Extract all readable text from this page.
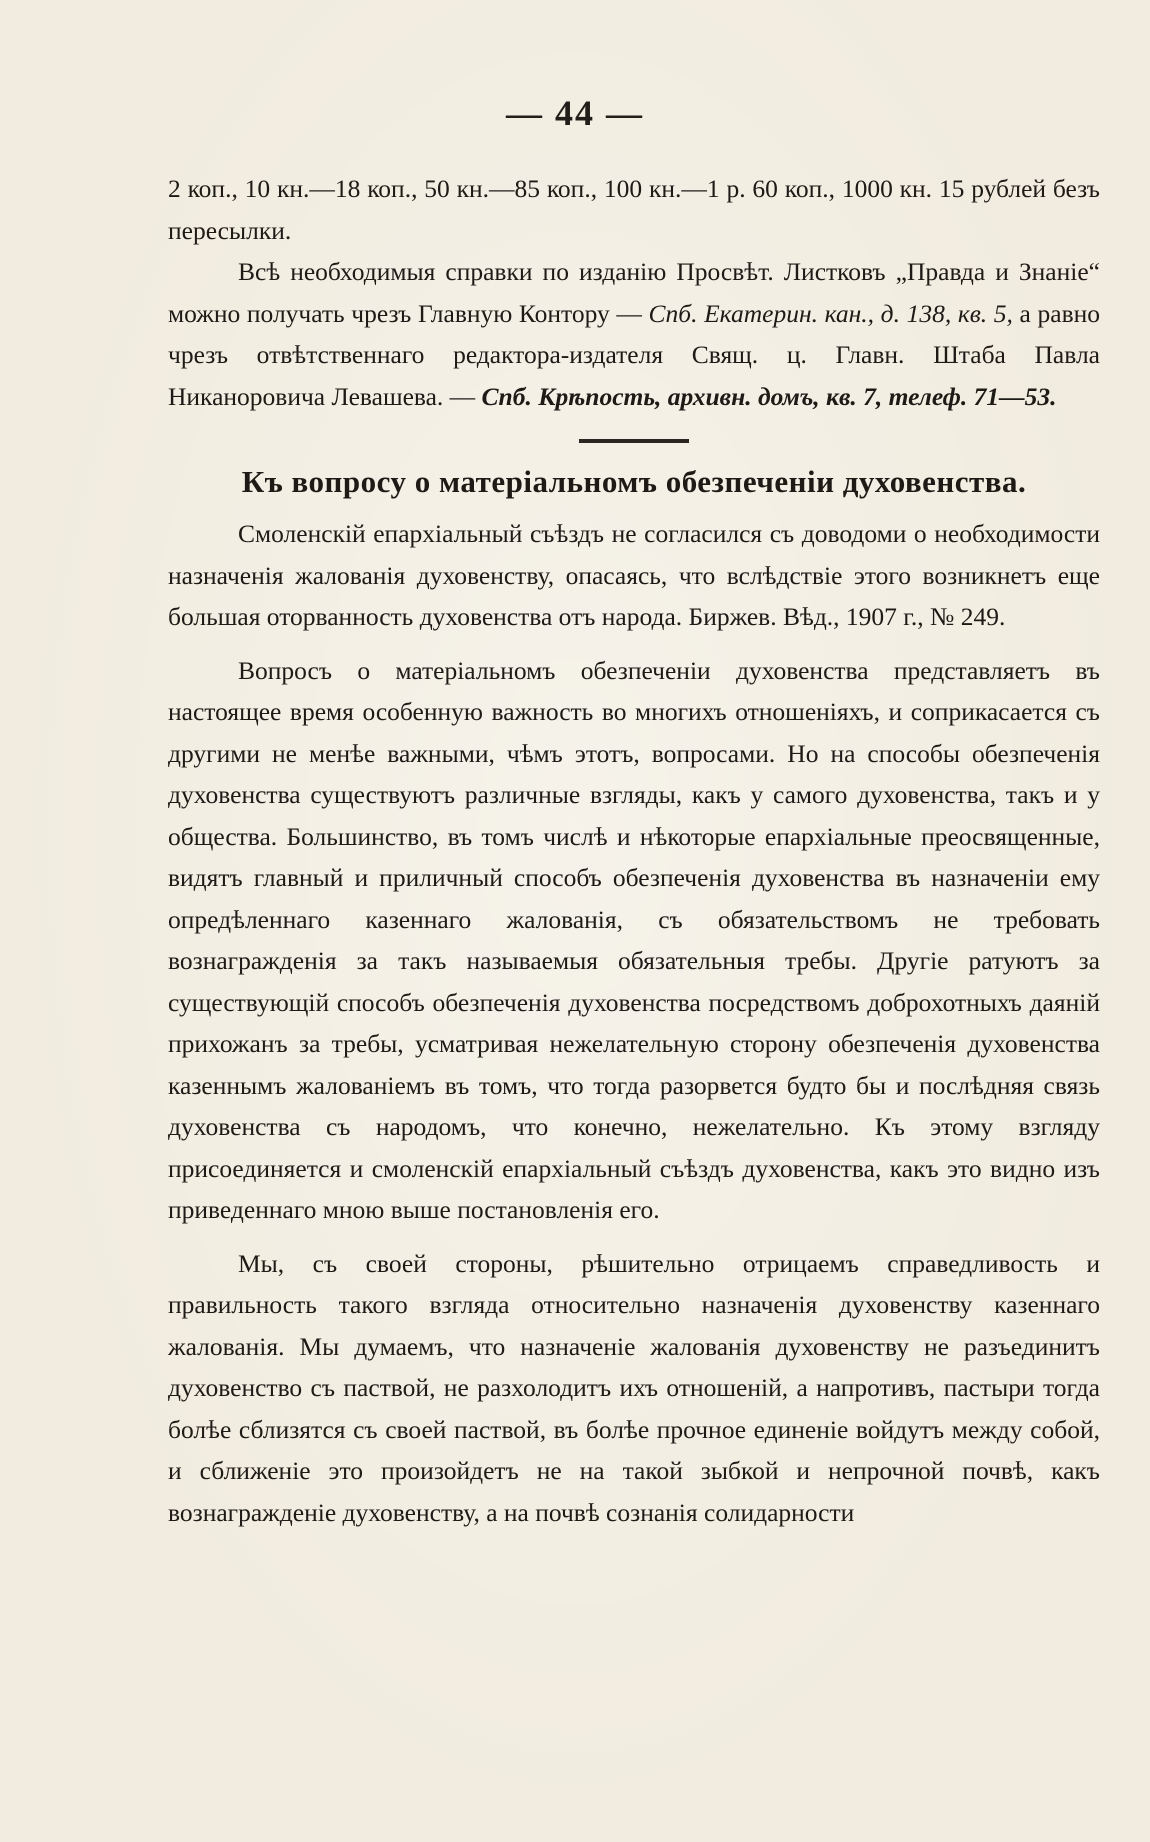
— 44 —

2 коп., 10 кн.—18 коп., 50 кн.—85 коп., 100 кн.—1 р. 60 коп., 1000 кн. 15 рублей безъ пересылки.

Всѣ необходимыя справки по изданію Просвѣт. Листковъ „Правда и Знаніе“ можно получать чрезъ Главную Контору — Спб. Екатерин. кан., д. 138, кв. 5, а равно чрезъ отвѣтственнаго редактора-издателя Свящ. ц. Главн. Штаба Павла Никаноровича Левашева. — Спб. Крѣпость, архивн. домъ, кв. 7, телеф. 71—53.

Къ вопросу о матеріальномъ обезпеченіи духовенства.

Смоленскій епархіальный съѣздъ не согласился съ доводоми о необходимости назначенія жалованія духовенству, опасаясь, что вслѣдствіе этого возникнетъ еще большая оторванность духовенства отъ народа. Биржев. Вѣд., 1907 г., № 249.

Вопросъ о матеріальномъ обезпеченіи духовенства представляетъ въ настоящее время особенную важность во многихъ отношеніяхъ, и соприкасается съ другими не менѣе важными, чѣмъ этотъ, вопросами. Но на способы обезпеченія духовенства существуютъ различные взгляды, какъ у самого духовенства, такъ и у общества. Большинство, въ томъ числѣ и нѣкоторые епархіальные преосвященные, видятъ главный и приличный способъ обезпеченія духовенства въ назначеніи ему опредѣленнаго казеннаго жалованія, съ обязательствомъ не требовать вознагражденія за такъ называемыя обязательныя требы. Другіе ратуютъ за существующій способъ обезпеченія духовенства посредствомъ доброхотныхъ даяній прихожанъ за требы, усматривая нежелательную сторону обезпеченія духовенства казеннымъ жалованіемъ въ томъ, что тогда разорвется будто бы и послѣдняя связь духовенства съ народомъ, что конечно, нежелательно. Къ этому взгляду присоединяется и смоленскій епархіальный съѣздъ духовенства, какъ это видно изъ приведеннаго мною выше постановленія его.

Мы, съ своей стороны, рѣшительно отрицаемъ справедливость и правильность такого взгляда относительно назначенія духовенству казеннаго жалованія. Мы думаемъ, что назначеніе жалованія духовенству не разъединитъ духовенство съ паствой, не разхолодитъ ихъ отношеній, а напротивъ, пастыри тогда болѣе сблизятся съ своей паствой, въ болѣе прочное единеніе войдутъ между собой, и сближеніе это произойдетъ не на такой зыбкой и непрочной почвѣ, какъ вознагражденіе духовенству, а на почвѣ сознанія солидарности
